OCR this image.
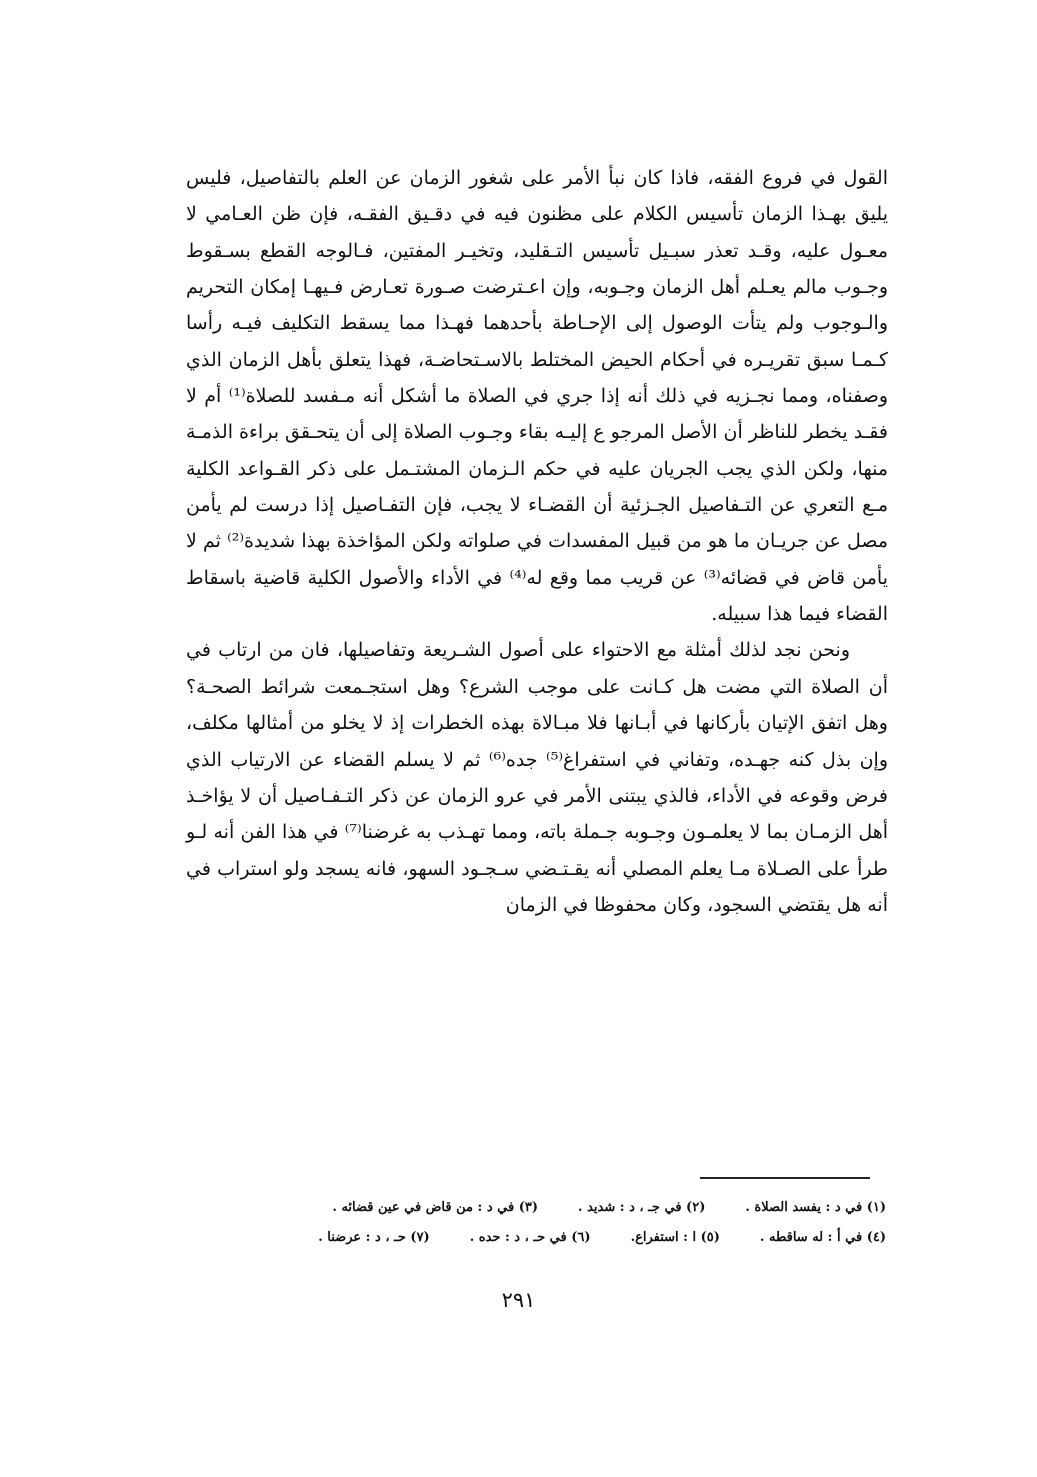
القول في فروع الفقه، فاذا كان نبأ الأمر على شغور الزمان عن العلم بالتفاصيل، فليس يليق بهـذا الزمان تأسيس الكلام على مظنون فيه في دقـيق الفقـه، فإن ظن العـامي لا معـول عليه، وقـد تعذر سبـيل تأسيس التـقليد، وتخيـر المفتين، فـالوجه القطع بسـقوط وجـوب مالم يعـلم أهل الزمان وجـوبه، وإن اعـترضت صـورة تعـارض فـيهـا إمكان التحريم والـوجوب ولم يتأت الوصول إلى الإحـاطة بأحدهما فهـذا مما يسقط التكليف فيـه رأسا كـمـا سبق تقريـره في أحكام الحيض المختلط بالاسـتحاضـة، فهذا يتعلق بأهل الزمان الذي وصفناه، ومما نجـزيه في ذلك أنه إذا جري في الصلاة ما أشكل أنه مـفسد للصلاة⁽¹⁾ أم لا فقـد يخطر للناظر أن الأصل المرجو ع إليـه بقاء وجـوب الصلاة إلى أن يتحـقق براءة الذمـة منها، ولكن الذي يجب الجريان عليه في حكم الـزمان المشتـمل على ذكر القـواعد الكلية مـع التعري عن التـفاصيل الجـزئية أن القضـاء لا يجب، فإن التفـاصيل إذا درست لم يأمن مصل عن جريـان ما هو من قبيل المفسدات في صلواته ولكن المؤاخذة بهذا شديدة⁽²⁾ ثم لا يأمن قاض في قضائه⁽³⁾ عن قريب مما وقع له⁽⁴⁾ في الأداء والأصول الكلية قاضية باسقاط القضاء فيما هذا سبيله.

ونحن نجد لذلك أمثلة مع الاحتواء على أصول الشـريعة وتفاصيلها، فان من ارتاب في أن الصلاة التي مضت هل كـانت على موجب الشرع؟ وهل استجـمعت شرائط الصحـة؟ وهل اتفق الإتيان بأركانها في أبـانها فلا مبـالاة بهذه الخطرات إذ لا يخلو من أمثالها مكلف، وإن بذل كنه جهـده، وتفاني في استفراغ⁽⁵⁾ جده⁽⁶⁾ ثم لا يسلم القضاء عن الارتياب الذي فرض وقوعه في الأداء، فالذي يبتنى الأمر في عرو الزمان عن ذكر التـفـاصيل أن لا يؤاخـذ أهل الزمـان بما لا يعلمـون وجـوبه جـملة باته، ومما تهـذب به غرضنا⁽⁷⁾ في هذا الفن أنه لـو طرأ على الصـلاة مـا يعلم المصلي أنه يقـتـضي سـجـود السهو، فانه يسجد ولو استراب في أنه هل يقتضي السجود، وكان محفوظا في الزمان

(١) في د : يفسد الصلاة .
(٢) في جـ ، د : شديد .
(٣) في د : من قاض في عين قضائه .
(٤) في أ : له ساقطه .
(٥) ا : استفراع.
(٦) في حـ ، د : حده .
(٧) حـ ، د : عرضنا .
٢٩١
